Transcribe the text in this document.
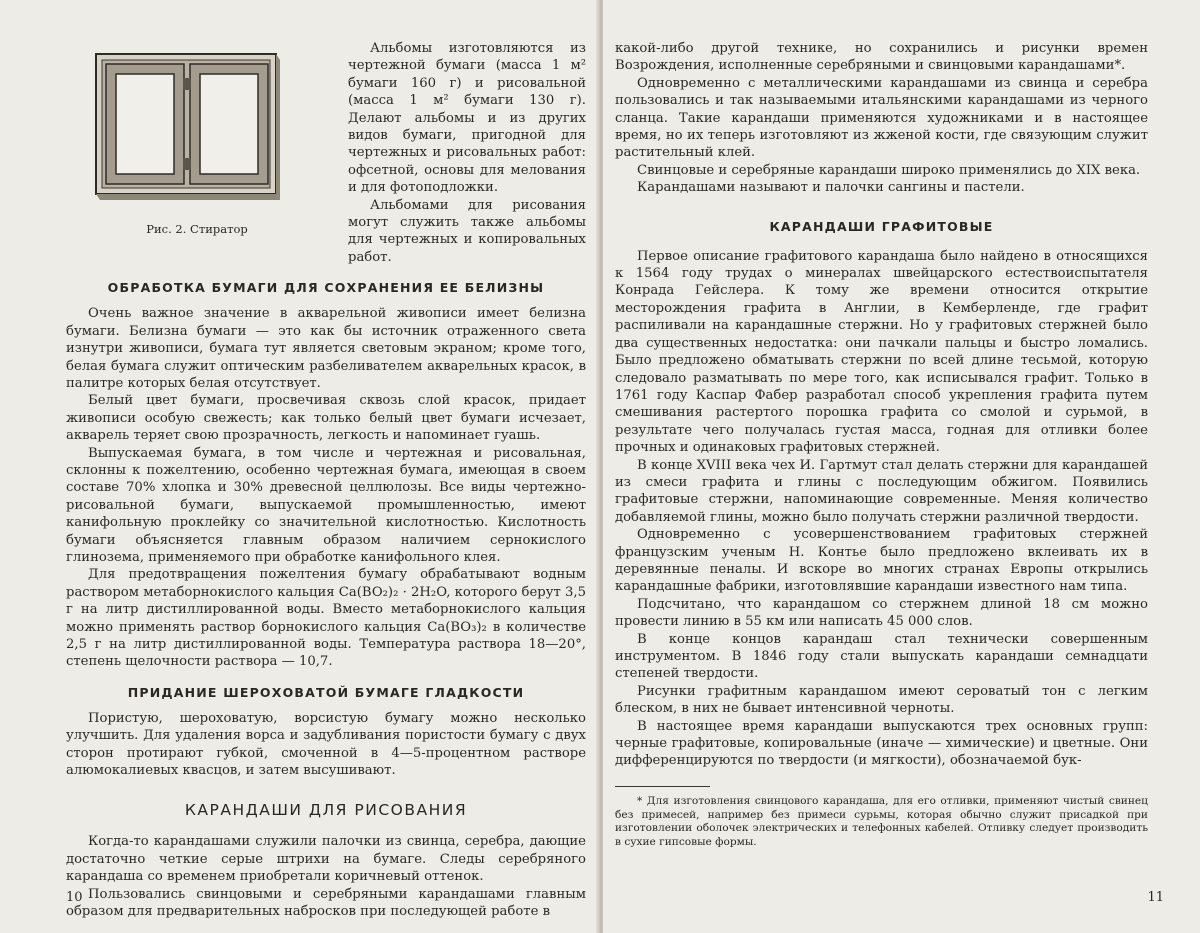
Рис. 2. Стиратор

Альбомы изготовляются из чертежной бумаги (масса 1 м² бумаги 160 г) и рисовальной (масса 1 м² бумаги 130 г). Делают альбомы и из других видов бумаги, пригодной для чертежных и рисовальных работ: офсетной, основы для мелования и для фотоподложки.

Альбомами для рисования могут служить также альбомы для чертежных и копировальных работ.

ОБРАБОТКА БУМАГИ ДЛЯ СОХРАНЕНИЯ ЕЕ БЕЛИЗНЫ

Очень важное значение в акварельной живописи имеет белизна бумаги. Белизна бумаги — это как бы источник отраженного света изнутри живописи, бумага тут является световым экраном; кроме того, белая бумага служит оптическим разбеливателем акварельных красок, в палитре которых белая отсутствует.

Белый цвет бумаги, просвечивая сквозь слой красок, придает живописи особую свежесть; как только белый цвет бумаги исчезает, акварель теряет свою прозрачность, легкость и напоминает гуашь.

Выпускаемая бумага, в том числе и чертежная и рисовальная, склонны к пожелтению, особенно чертежная бумага, имеющая в своем составе 70% хлопка и 30% древесной целлюлозы. Все виды чертежно-рисовальной бумаги, выпускаемой промышленностью, имеют канифольную проклейку со значительной кислотностью. Кислотность бумаги объясняется главным образом наличием сернокислого глинозема, применяемого при обработке канифольного клея.

Для предотвращения пожелтения бумагу обрабатывают водным раствором метаборнокислого кальция Ca(BO₂)₂ · 2H₂O, которого берут 3,5 г на литр дистиллированной воды. Вместо метаборнокислого кальция можно применять раствор борнокислого кальция Ca(BO₃)₂ в количестве 2,5 г на литр дистиллированной воды. Температура раствора 18—20°, степень щелочности раствора — 10,7.

ПРИДАНИЕ ШЕРОХОВАТОЙ БУМАГЕ ГЛАДКОСТИ

Пористую, шероховатую, ворсистую бумагу можно несколько улучшить. Для удаления ворса и задубливания пористости бумагу с двух сторон протирают губкой, смоченной в 4—5-процентном растворе алюмокалиевых квасцов, и затем высушивают.

КАРАНДАШИ ДЛЯ РИСОВАНИЯ

Когда-то карандашами служили палочки из свинца, серебра, дающие достаточно четкие серые штрихи на бумаге. Следы серебряного карандаша со временем приобретали коричневый оттенок.

Пользовались свинцовыми и серебряными карандашами главным образом для предварительных набросков при последующей работе в

10

какой-либо другой технике, но сохранились и рисунки времен Возрождения, исполненные серебряными и свинцовыми карандашами*.

Одновременно с металлическими карандашами из свинца и серебра пользовались и так называемыми итальянскими карандашами из черного сланца. Такие карандаши применяются художниками и в настоящее время, но их теперь изготовляют из жженой кости, где связующим служит растительный клей.

Свинцовые и серебряные карандаши широко применялись до XIX века.

Карандашами называют и палочки сангины и пастели.

КАРАНДАШИ ГРАФИТОВЫЕ

Первое описание графитового карандаша было найдено в относящихся к 1564 году трудах о минералах швейцарского естествоиспытателя Конрада Гейслера. К тому же времени относится открытие месторождения графита в Англии, в Кемберленде, где графит распиливали на карандашные стержни. Но у графитовых стержней было два существенных недостатка: они пачкали пальцы и быстро ломались. Было предложено обматывать стержни по всей длине тесьмой, которую следовало разматывать по мере того, как исписывался графит. Только в 1761 году Каспар Фабер разработал способ укрепления графита путем смешивания растертого порошка графита со смолой и сурьмой, в результате чего получалась густая масса, годная для отливки более прочных и одинаковых графитовых стержней.

В конце XVIII века чех И. Гартмут стал делать стержни для карандашей из смеси графита и глины с последующим обжигом. Появились графитовые стержни, напоминающие современные. Меняя количество добавляемой глины, можно было получать стержни различной твердости.

Одновременно с усовершенствованием графитовых стержней французским ученым Н. Контье было предложено вклеивать их в деревянные пеналы. И вскоре во многих странах Европы открылись карандашные фабрики, изготовлявшие карандаши известного нам типа.

Подсчитано, что карандашом со стержнем длиной 18 см можно провести линию в 55 км или написать 45 000 слов.

В конце концов карандаш стал технически совершенным инструментом. В 1846 году стали выпускать карандаши семнадцати степеней твердости.

Рисунки графитным карандашом имеют сероватый тон с легким блеском, в них не бывает интенсивной черноты.

В настоящее время карандаши выпускаются трех основных групп: черные графитовые, копировальные (иначе — химические) и цветные. Они дифференцируются по твердости (и мягкости), обозначаемой бук-

* Для изготовления свинцового карандаша, для его отливки, применяют чистый свинец без примесей, например без примеси сурьмы, которая обычно служит присадкой при изготовлении оболочек электрических и телефонных кабелей. Отливку следует производить в сухие гипсовые формы.

11
